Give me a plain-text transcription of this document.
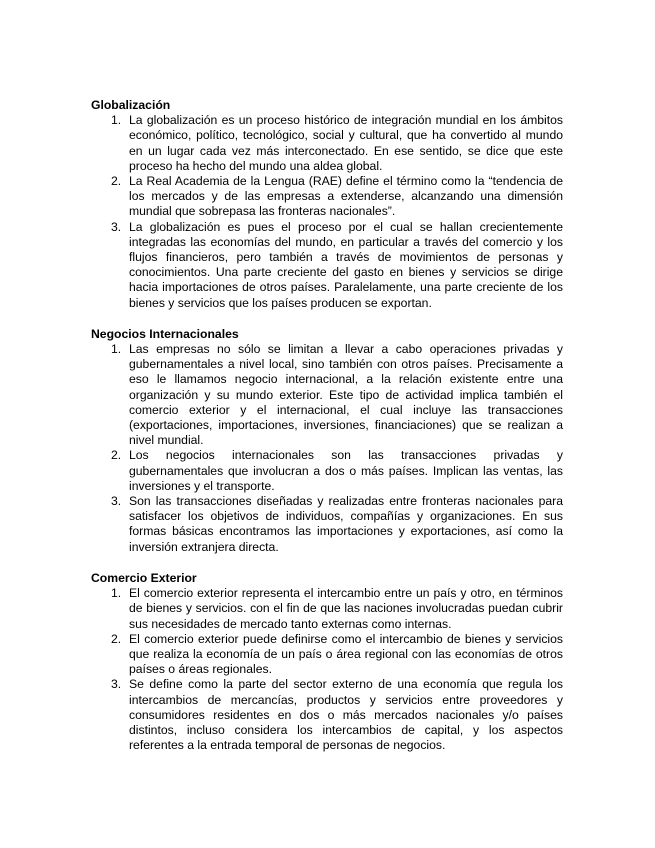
Globalización
1. La globalización es un proceso histórico de integración mundial en los ámbitos económico, político, tecnológico, social y cultural, que ha convertido al mundo en un lugar cada vez más interconectado. En ese sentido, se dice que este proceso ha hecho del mundo una aldea global.
2. La Real Academia de la Lengua (RAE) define el término como la “tendencia de los mercados y de las empresas a extenderse, alcanzando una dimensión mundial que sobrepasa las fronteras nacionales”.
3. La globalización es pues el proceso por el cual se hallan crecientemente integradas las economías del mundo, en particular a través del comercio y los flujos financieros, pero también a través de movimientos de personas y conocimientos. Una parte creciente del gasto en bienes y servicios se dirige hacia importaciones de otros países. Paralelamente, una parte creciente de los bienes y servicios que los países producen se exportan.
Negocios Internacionales
1. Las empresas no sólo se limitan a llevar a cabo operaciones privadas y gubernamentales a nivel local, sino también con otros países. Precisamente a eso le llamamos negocio internacional, a la relación existente entre una organización y su mundo exterior. Este tipo de actividad implica también el comercio exterior y el internacional, el cual incluye las transacciones (exportaciones, importaciones, inversiones, financiaciones) que se realizan a nivel mundial.
2. Los negocios internacionales son las transacciones privadas y gubernamentales que involucran a dos o más países. Implican las ventas, las inversiones y el transporte.
3. Son las transacciones diseñadas y realizadas entre fronteras nacionales para satisfacer los objetivos de individuos, compañías y organizaciones. En sus formas básicas encontramos las importaciones y exportaciones, así como la inversión extranjera directa.
Comercio Exterior
1. El comercio exterior representa el intercambio entre un país y otro, en términos de bienes y servicios. con el fin de que las naciones involucradas puedan cubrir sus necesidades de mercado tanto externas como internas.
2. El comercio exterior puede definirse como el intercambio de bienes y servicios que realiza la economía de un país o área regional con las economías de otros países o áreas regionales.
3. Se define como la parte del sector externo de una economía que regula los intercambios de mercancías, productos y servicios entre proveedores y consumidores residentes en dos o más mercados nacionales y/o países distintos, incluso considera los intercambios de capital, y los aspectos referentes a la entrada temporal de personas de negocios.
